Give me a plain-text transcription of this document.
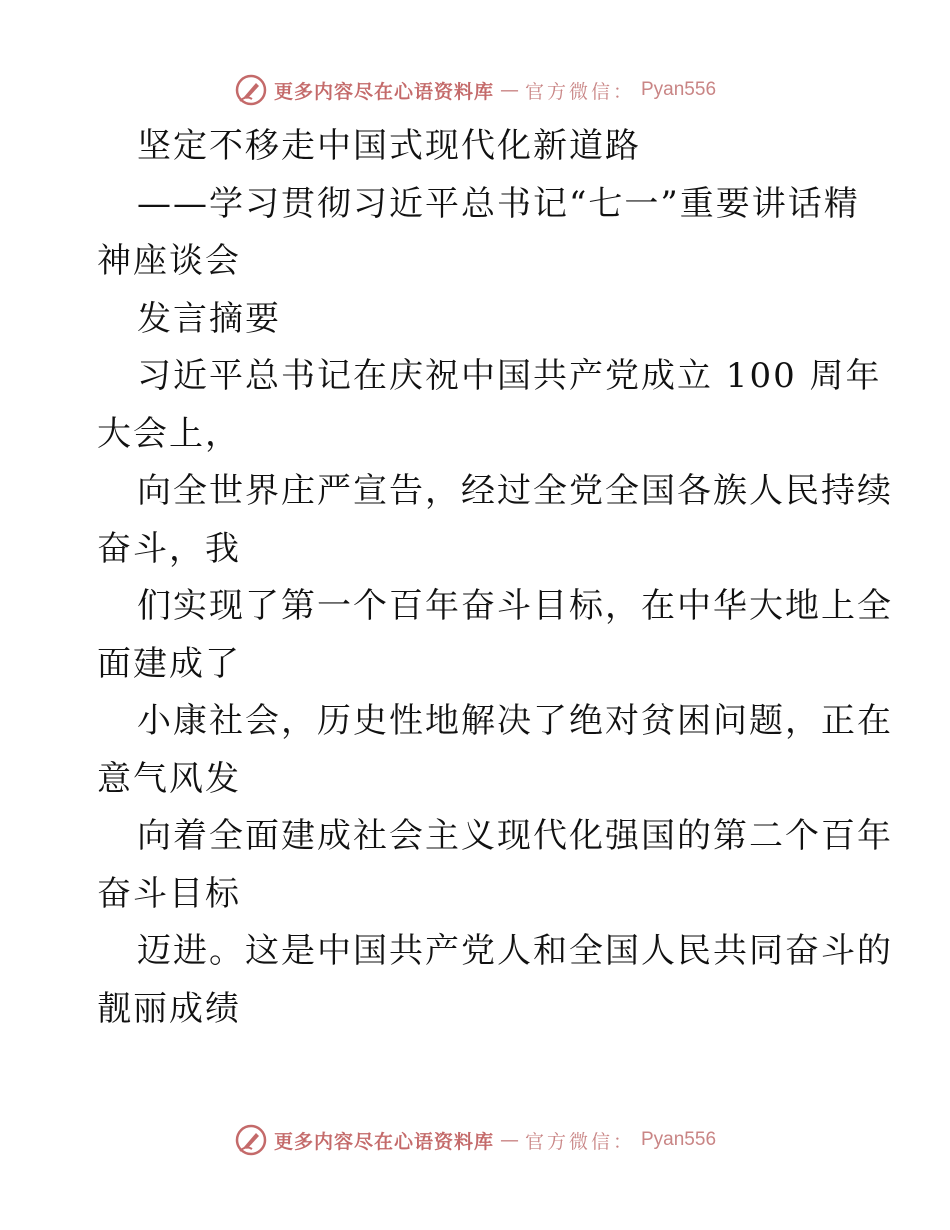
更多内容尽在心语资料库 — 官方微信： Pyan556
坚定不移走中国式现代化新道路
——学习贯彻习近平总书记“七一”重要讲话精
神座谈会
发言摘要
习近平总书记在庆祝中国共产党成立 100 周年
大会上，
向全世界庄严宣告，经过全党全国各族人民持续
奋斗，我
们实现了第一个百年奋斗目标，在中华大地上全
面建成了
小康社会，历史性地解决了绝对贫困问题，正在
意气风发
向着全面建成社会主义现代化强国的第二个百年
奋斗目标
迈进。这是中国共产党人和全国人民共同奋斗的
靓丽成绩
更多内容尽在心语资料库 — 官方微信： Pyan556
